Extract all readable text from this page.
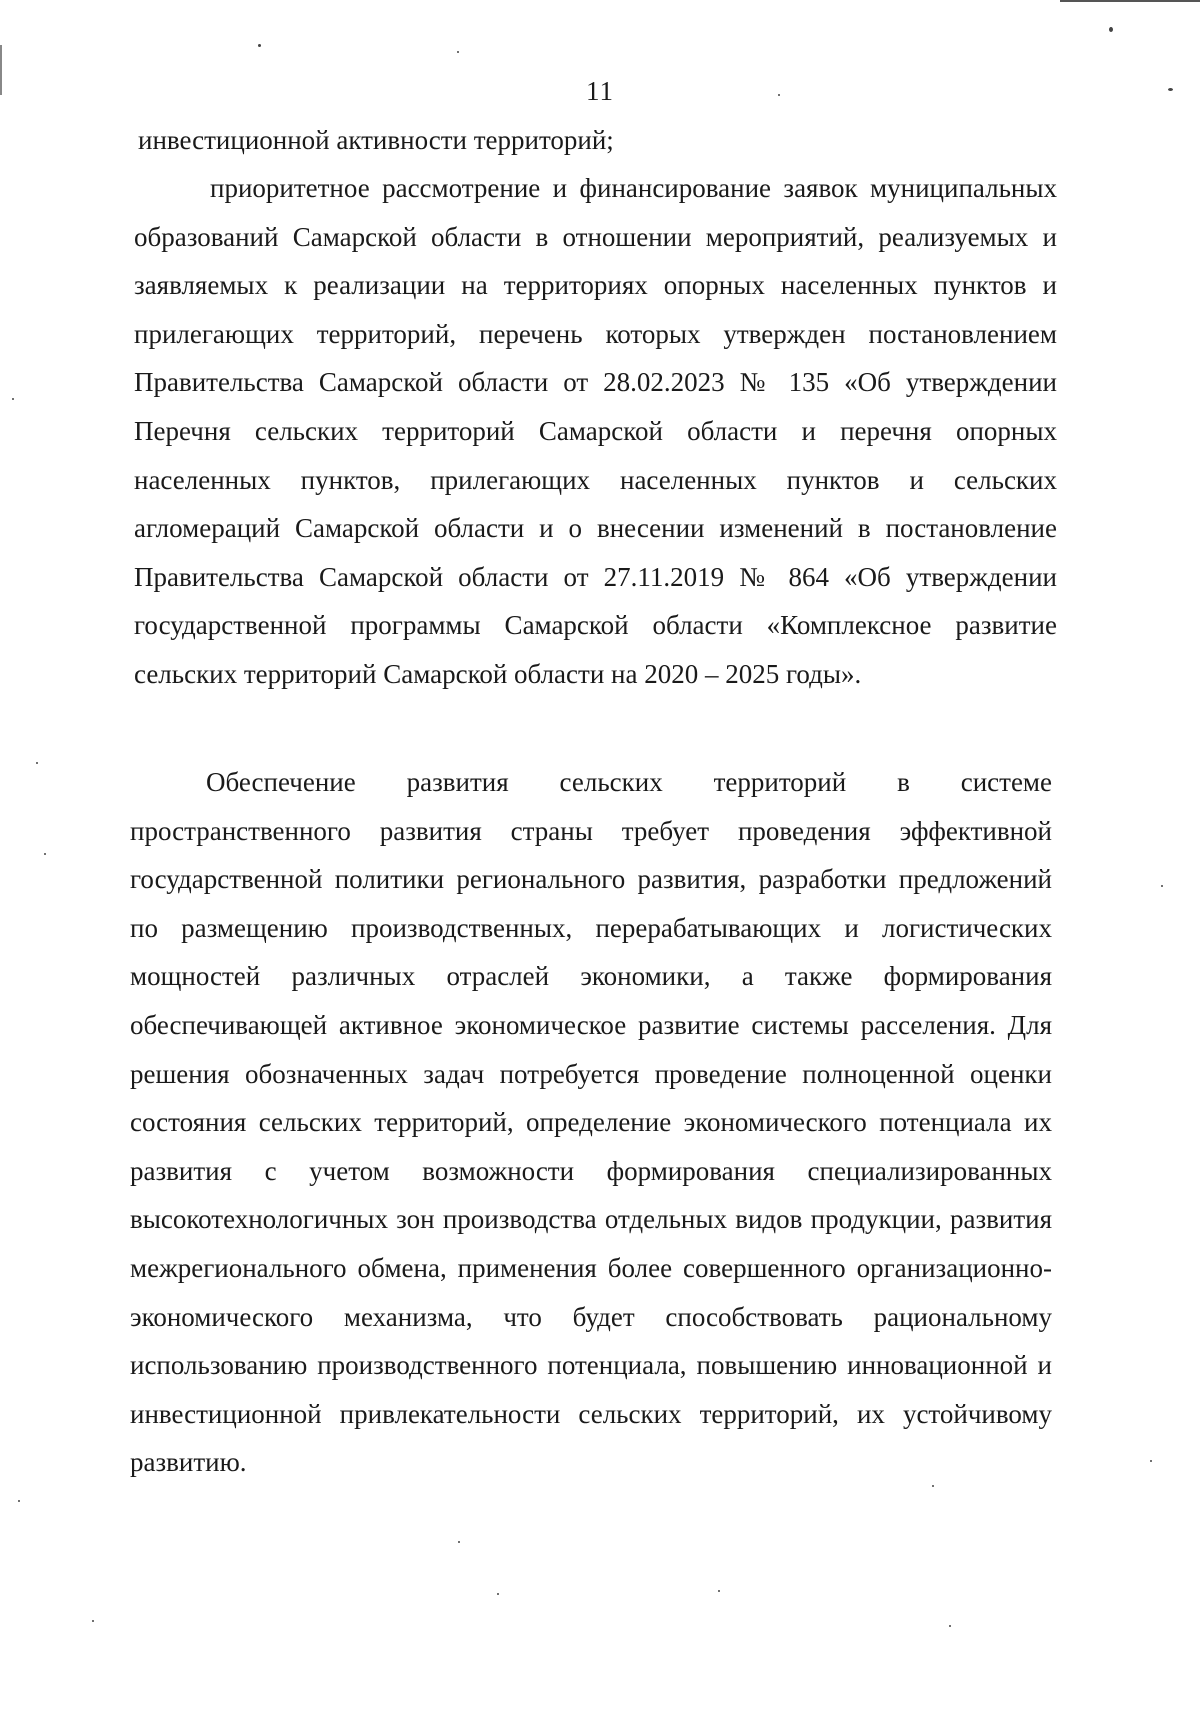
11

инвестиционной активности территорий;

приоритетное рассмотрение и финансирование заявок муниципальных образований Самарской области в отношении мероприятий, реализуемых и заявляемых к реализации на территориях опорных населенных пунктов и прилегающих территорий, перечень которых утвержден постановлением Правительства Самарской области от 28.02.2023 № 135 «Об утверждении Перечня сельских территорий Самарской области и перечня опорных населенных пунктов, прилегающих населенных пунктов и сельских агломераций Самарской области и о внесении изменений в постановление Правительства Самарской области от 27.11.2019 № 864 «Об утверждении государственной программы Самарской области «Комплексное развитие сельских территорий Самарской области на 2020 – 2025 годы».

Обеспечение развития сельских территорий в системе пространственного развития страны требует проведения эффективной государственной политики регионального развития, разработки предложений по размещению производственных, перерабатывающих и логистических мощностей различных отраслей экономики, а также формирования обеспечивающей активное экономическое развитие системы расселения. Для решения обозначенных задач потребуется проведение полноценной оценки состояния сельских территорий, определение экономического потенциала их развития с учетом возможности формирования специализированных высокотехнологичных зон производства отдельных видов продукции, развития межрегионального обмена, применения более совершенного организационно-экономического механизма, что будет способствовать рациональному использованию производственного потенциала, повышению инновационной и инвестиционной привлекательности сельских территорий, их устойчивому развитию.
